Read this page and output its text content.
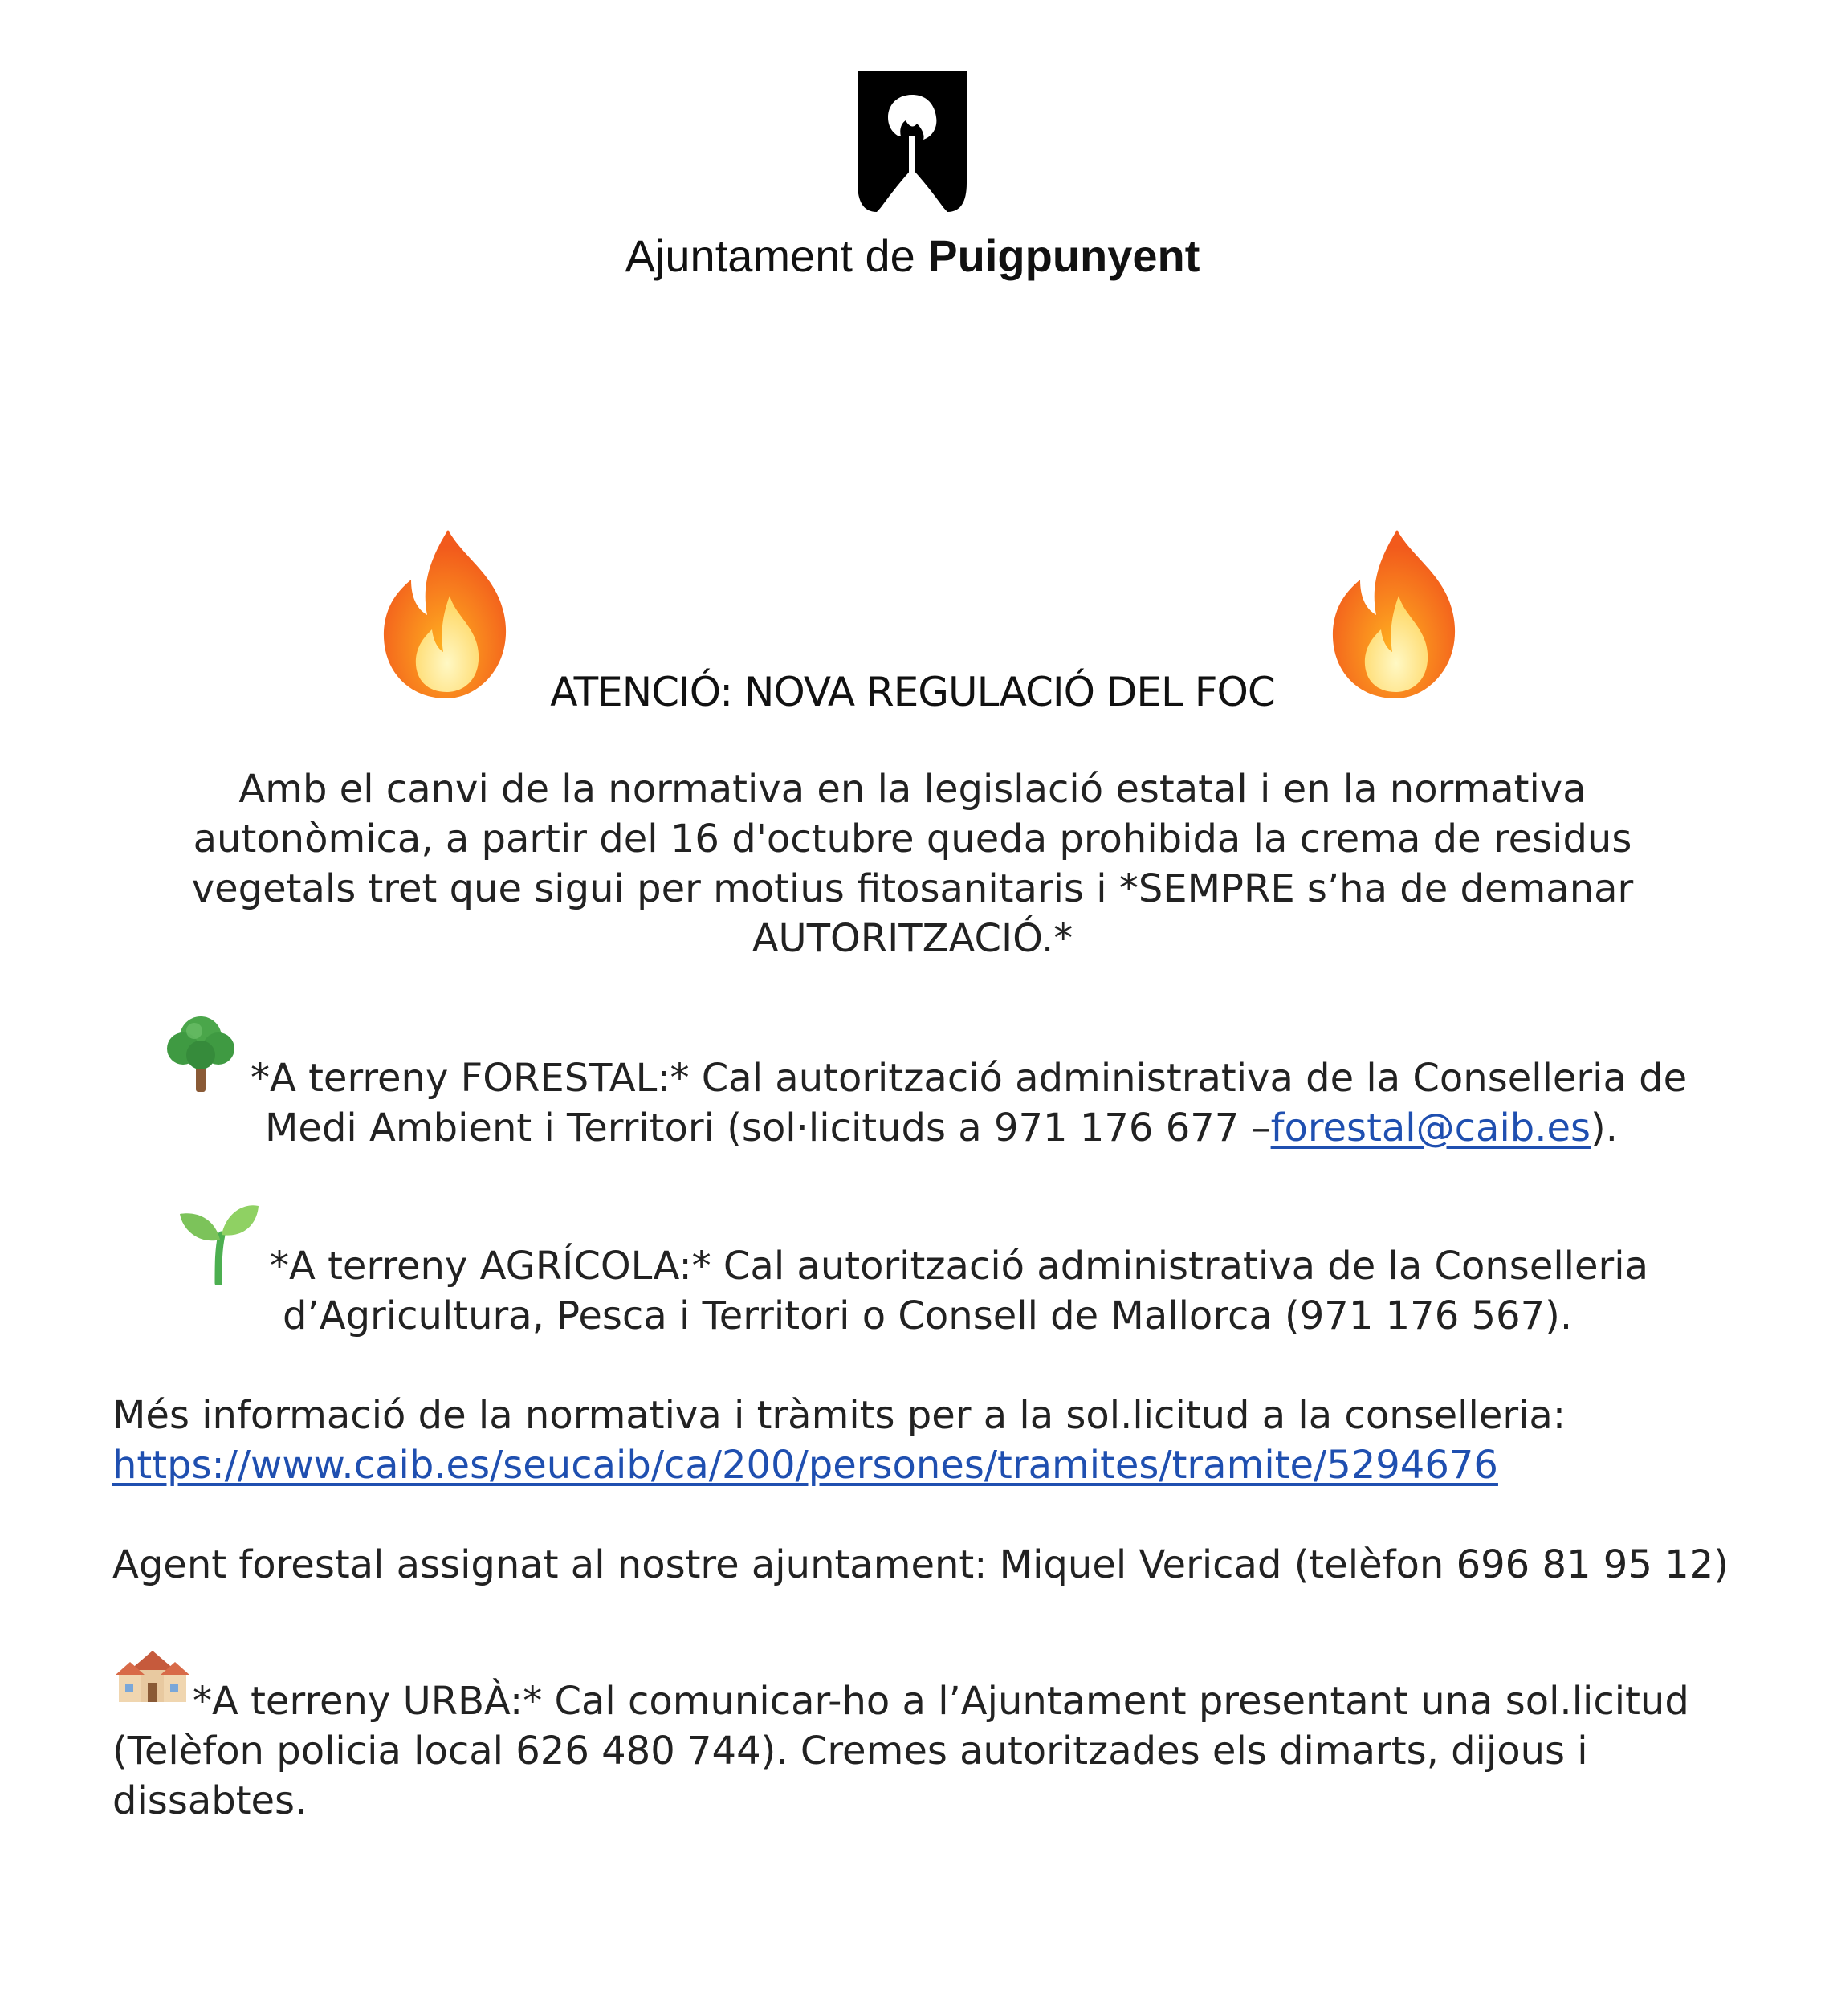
Ajuntament de Puigpunyent
ATENCIÓ: NOVA REGULACIÓ DEL FOC
Amb el canvi de la normativa en la legislació estatal i en la normativa
autonòmica, a partir del 16 d'octubre queda prohibida la crema de residus
vegetals tret que sigui per motius fitosanitaris i *SEMPRE s’ha de demanar
AUTORITZACIÓ.*
*A terreny FORESTAL:* Cal autorització administrativa de la Conselleria de
Medi Ambient i Territori (sol·licituds a 971 176 677 –forestal@caib.es).
*A terreny AGRÍCOLA:* Cal autorització administrativa de la Conselleria
d’Agricultura, Pesca i Territori o Consell de Mallorca (971 176 567).
Més informació de la normativa i tràmits per a la sol.licitud a la conselleria:
https://www.caib.es/seucaib/ca/200/persones/tramites/tramite/5294676
Agent forestal assignat al nostre ajuntament: Miquel Vericad (telèfon 696 81 95 12)
*A terreny URBÀ:* Cal comunicar-ho a l’Ajuntament presentant una sol.licitud
(Telèfon policia local 626 480 744). Cremes autoritzades els dimarts, dijous i
dissabtes.
